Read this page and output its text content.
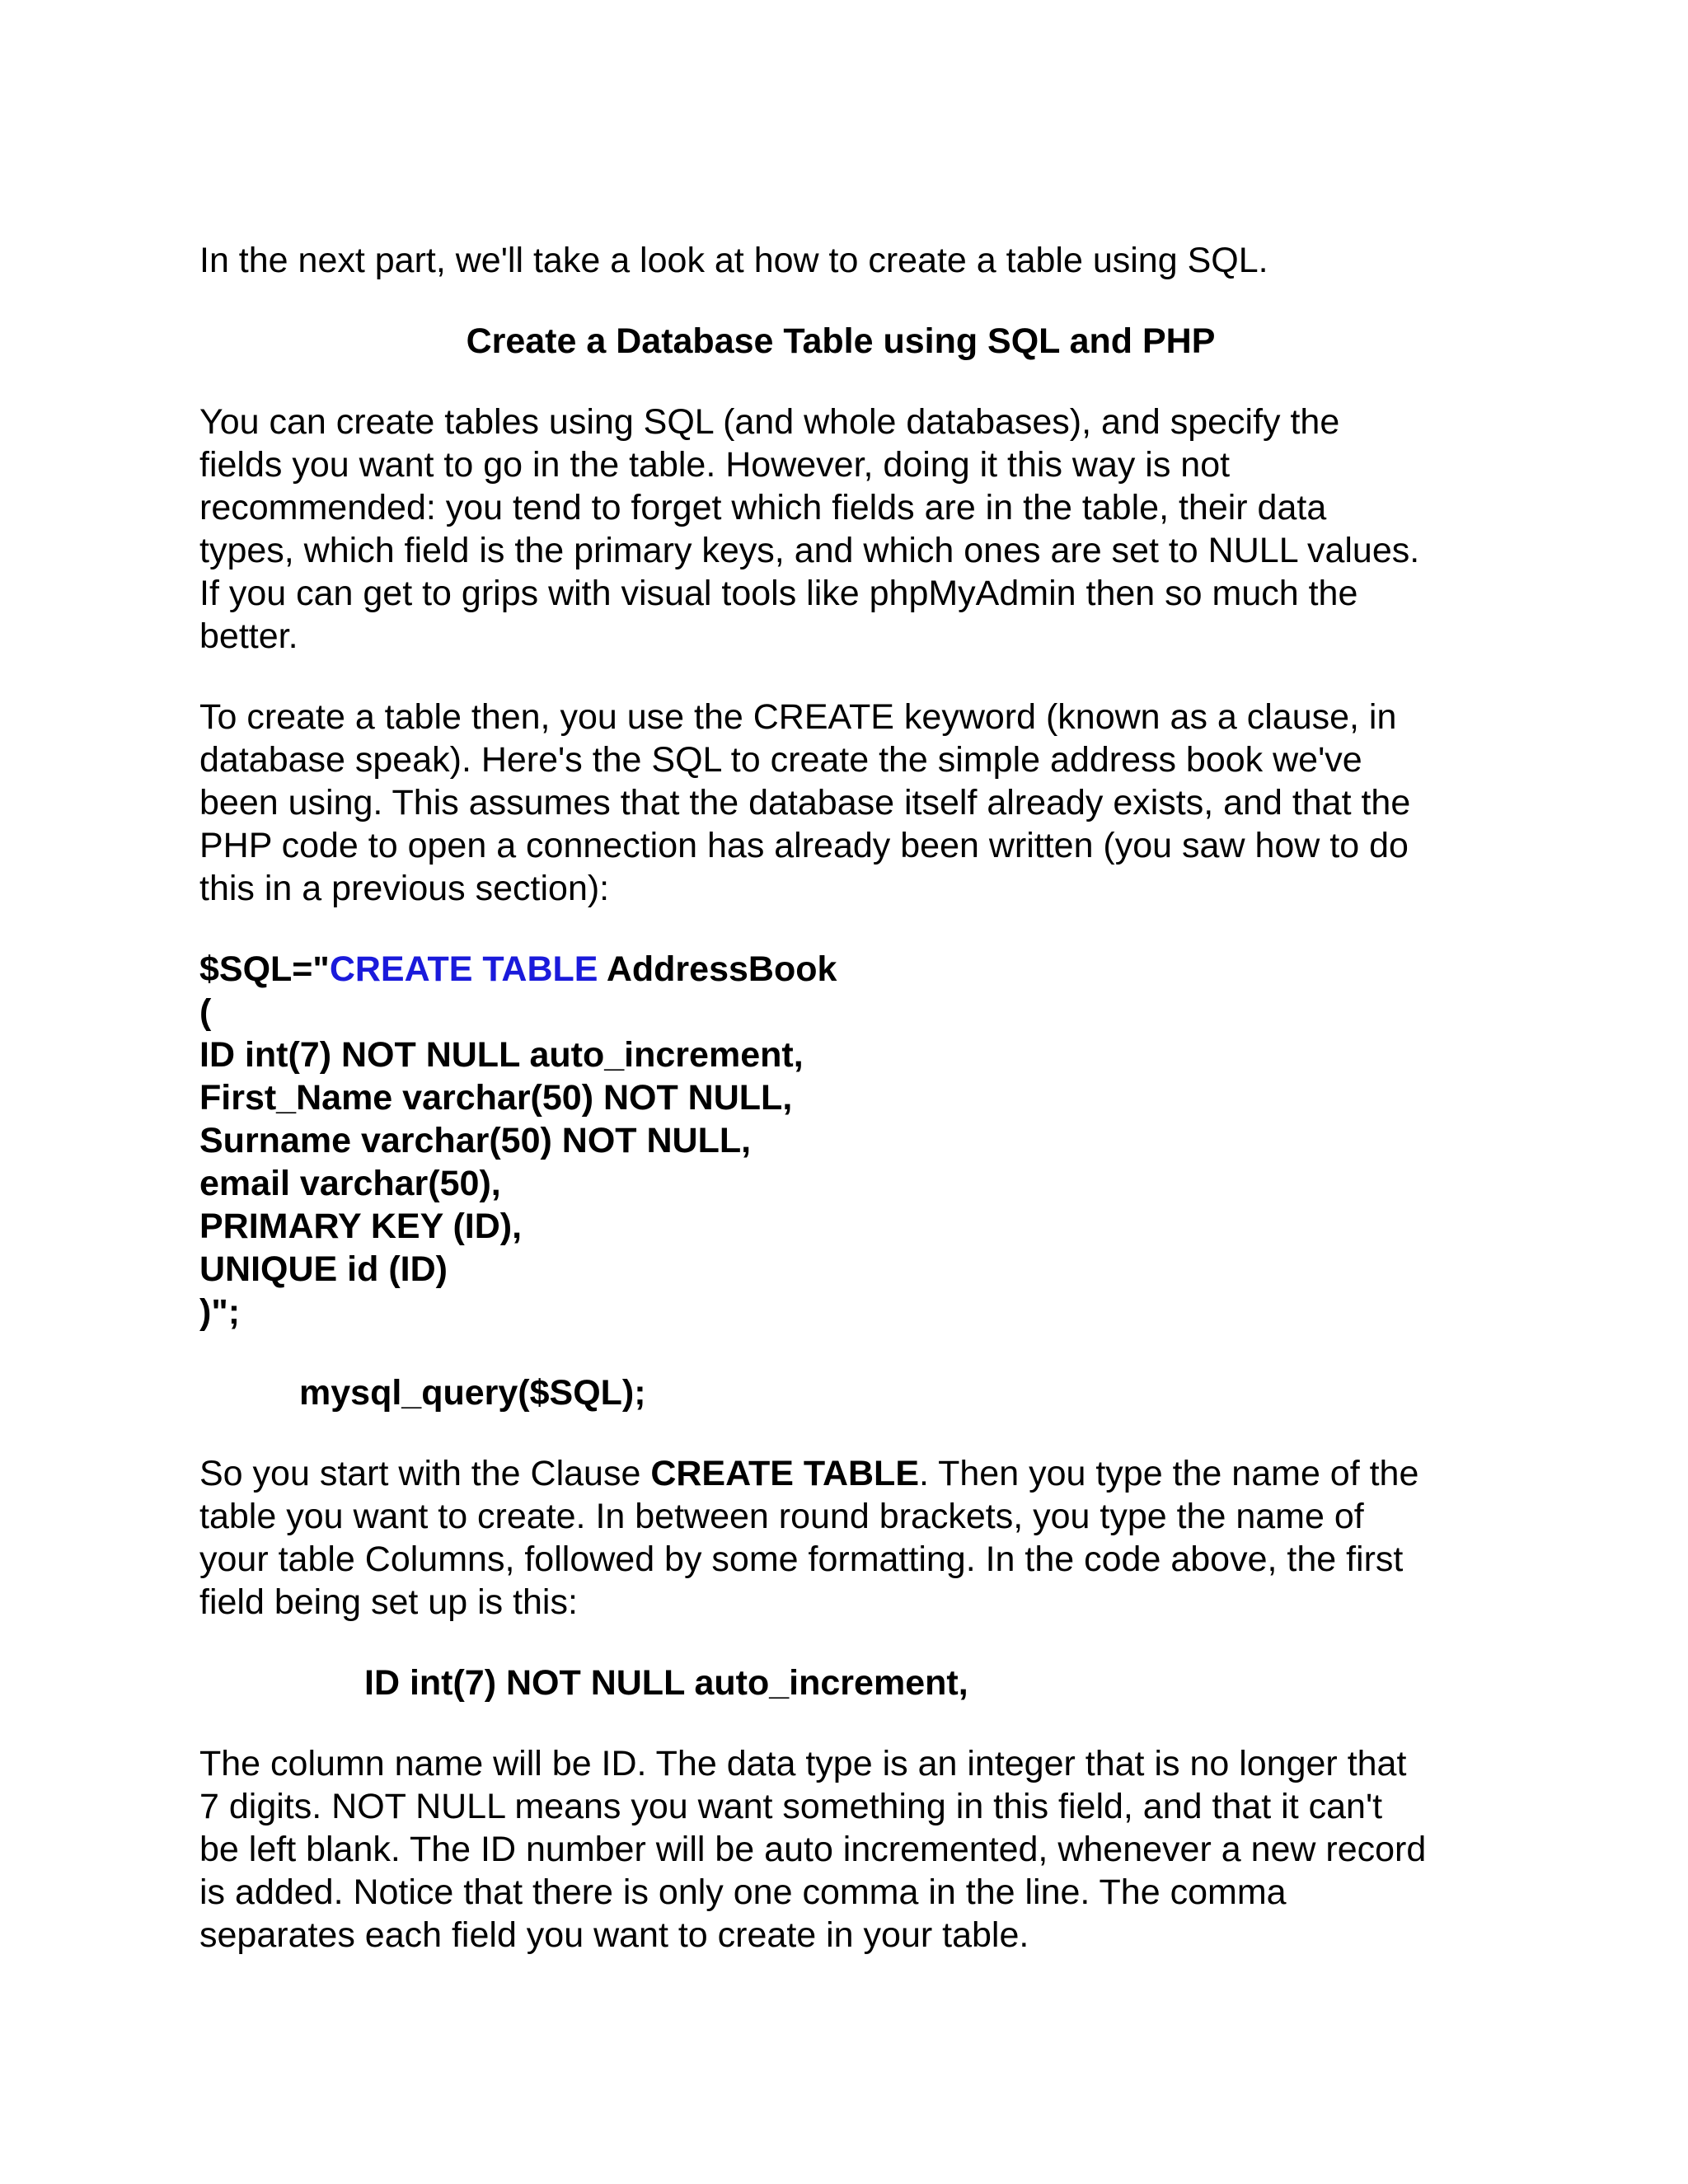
In the next part, we'll take a look at how to create a table using SQL.

Create a Database Table using SQL and PHP

You can create tables using SQL (and whole databases), and specify the
fields you want to go in the table. However, doing it this way is not
recommended: you tend to forget which fields are in the table, their data
types, which field is the primary keys, and which ones are set to NULL values.
If you can get to grips with visual tools like phpMyAdmin then so much the
better.

To create a table then, you use the CREATE keyword (known as a clause, in
database speak). Here's the SQL to create the simple address book we've
been using. This assumes that the database itself already exists, and that the
PHP code to open a connection has already been written (you saw how to do
this in a previous section):

$SQL="CREATE TABLE AddressBook
(
ID int(7) NOT NULL auto_increment,
First_Name varchar(50) NOT NULL,
Surname varchar(50) NOT NULL,
email varchar(50),
PRIMARY KEY (ID),
UNIQUE id (ID)
)";

mysql_query($SQL);

So you start with the Clause CREATE TABLE. Then you type the name of the
table you want to create. In between round brackets, you type the name of
your table Columns, followed by some formatting. In the code above, the first
field being set up is this:

ID int(7) NOT NULL auto_increment,

The column name will be ID. The data type is an integer that is no longer that
7 digits. NOT NULL means you want something in this field, and that it can't
be left blank. The ID number will be auto incremented, whenever a new record
is added. Notice that there is only one comma in the line. The comma
separates each field you want to create in your table.
